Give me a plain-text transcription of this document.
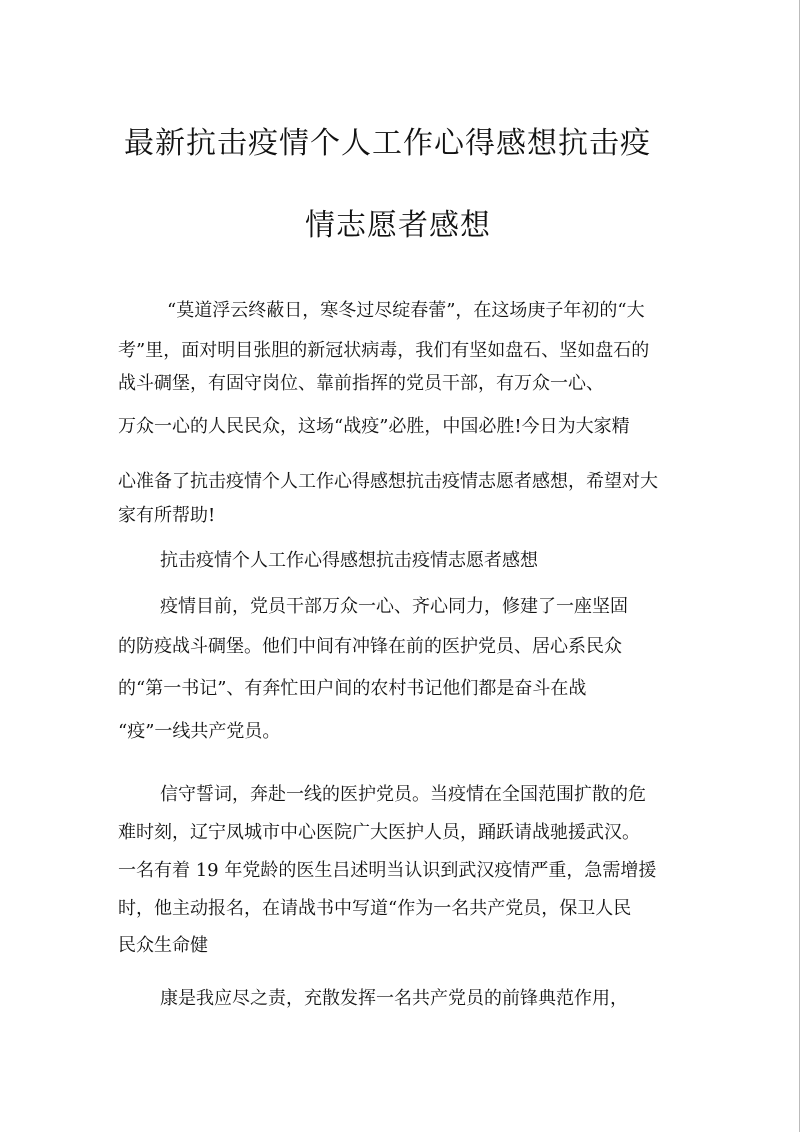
最新抗击疫情个人工作心得感想抗击疫
情志愿者感想
“莫道浮云终蔽日，寒冬过尽绽春蕾”，在这场庚子年初的“大
考”里，面对明目张胆的新冠状病毒，我们有坚如盘石、坚如盘石的
战斗碉堡，有固守岗位、靠前指挥的党员干部，有万众一心、
万众一心的人民民众，这场“战疫”必胜，中国必胜!今日为大家精
心准备了抗击疫情个人工作心得感想抗击疫情志愿者感想，希望对大
家有所帮助!
抗击疫情个人工作心得感想抗击疫情志愿者感想
疫情目前，党员干部万众一心、齐心同力，修建了一座坚固
的防疫战斗碉堡。他们中间有冲锋在前的医护党员、居心系民众
的“第一书记”、有奔忙田户间的农村书记他们都是奋斗在战
“疫”一线共产党员。
信守誓词，奔赴一线的医护党员。当疫情在全国范围扩散的危
难时刻，辽宁凤城市中心医院广大医护人员，踊跃请战驰援武汉。
一名有着 19 年党龄的医生吕述明当认识到武汉疫情严重，急需增援
时，他主动报名，在请战书中写道“作为一名共产党员，保卫人民
民众生命健
康是我应尽之责，充散发挥一名共产党员的前锋典范作用，
